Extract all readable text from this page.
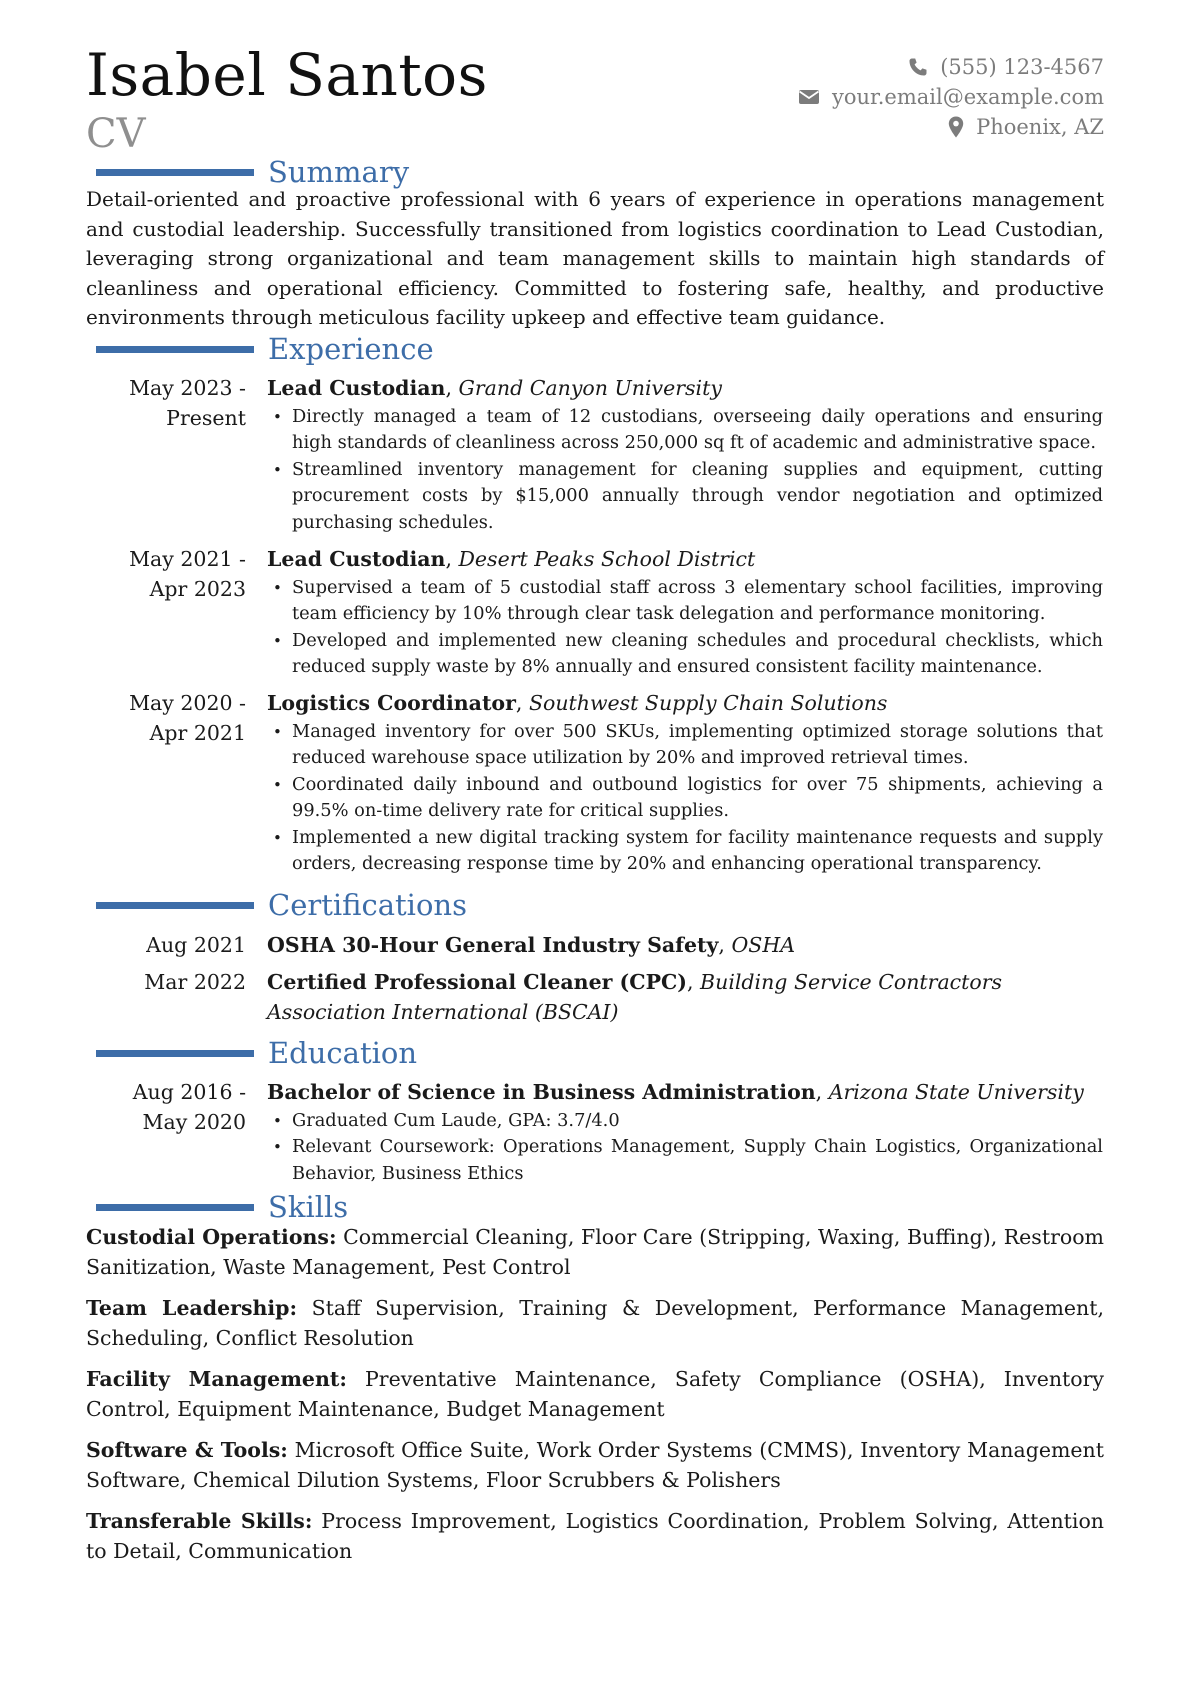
Isabel Santos
CV
(555) 123-4567
your.email@example.com
Phoenix, AZ
Summary
Detail-oriented and proactive professional with 6 years of experience in operations management and custodial leadership. Successfully transitioned from logistics coordination to Lead Custodian, leveraging strong organizational and team management skills to maintain high standards of cleanliness and operational efficiency. Committed to fostering safe, healthy, and productive environments through meticulous facility upkeep and effective team guidance.
Experience
May 2023 -
Present
Lead Custodian, Grand Canyon University
• Directly managed a team of 12 custodians, overseeing daily operations and ensuring high standards of cleanliness across 250,000 sq ft of academic and administrative space.
• Streamlined inventory management for cleaning supplies and equipment, cutting procurement costs by $15,000 annually through vendor negotiation and optimized purchasing schedules.
May 2021 -
Apr 2023
Lead Custodian, Desert Peaks School District
• Supervised a team of 5 custodial staff across 3 elementary school facilities, improving team efficiency by 10% through clear task delegation and performance monitoring.
• Developed and implemented new cleaning schedules and procedural checklists, which reduced supply waste by 8% annually and ensured consistent facility maintenance.
May 2020 -
Apr 2021
Logistics Coordinator, Southwest Supply Chain Solutions
• Managed inventory for over 500 SKUs, implementing optimized storage solutions that reduced warehouse space utilization by 20% and improved retrieval times.
• Coordinated daily inbound and outbound logistics for over 75 shipments, achieving a 99.5% on-time delivery rate for critical supplies.
• Implemented a new digital tracking system for facility maintenance requests and supply orders, decreasing response time by 20% and enhancing operational transparency.
Certifications
Aug 2021 OSHA 30-Hour General Industry Safety, OSHA
Mar 2022 Certified Professional Cleaner (CPC), Building Service Contractors Association International (BSCAI)
Education
Aug 2016 -
May 2020
Bachelor of Science in Business Administration, Arizona State University
• Graduated Cum Laude, GPA: 3.7/4.0
• Relevant Coursework: Operations Management, Supply Chain Logistics, Organizational Behavior, Business Ethics
Skills
Custodial Operations: Commercial Cleaning, Floor Care (Stripping, Waxing, Buffing), Restroom Sanitization, Waste Management, Pest Control
Team Leadership: Staff Supervision, Training & Development, Performance Management, Scheduling, Conflict Resolution
Facility Management: Preventative Maintenance, Safety Compliance (OSHA), Inventory Control, Equipment Maintenance, Budget Management
Software & Tools: Microsoft Office Suite, Work Order Systems (CMMS), Inventory Management Software, Chemical Dilution Systems, Floor Scrubbers & Polishers
Transferable Skills: Process Improvement, Logistics Coordination, Problem Solving, Attention to Detail, Communication
